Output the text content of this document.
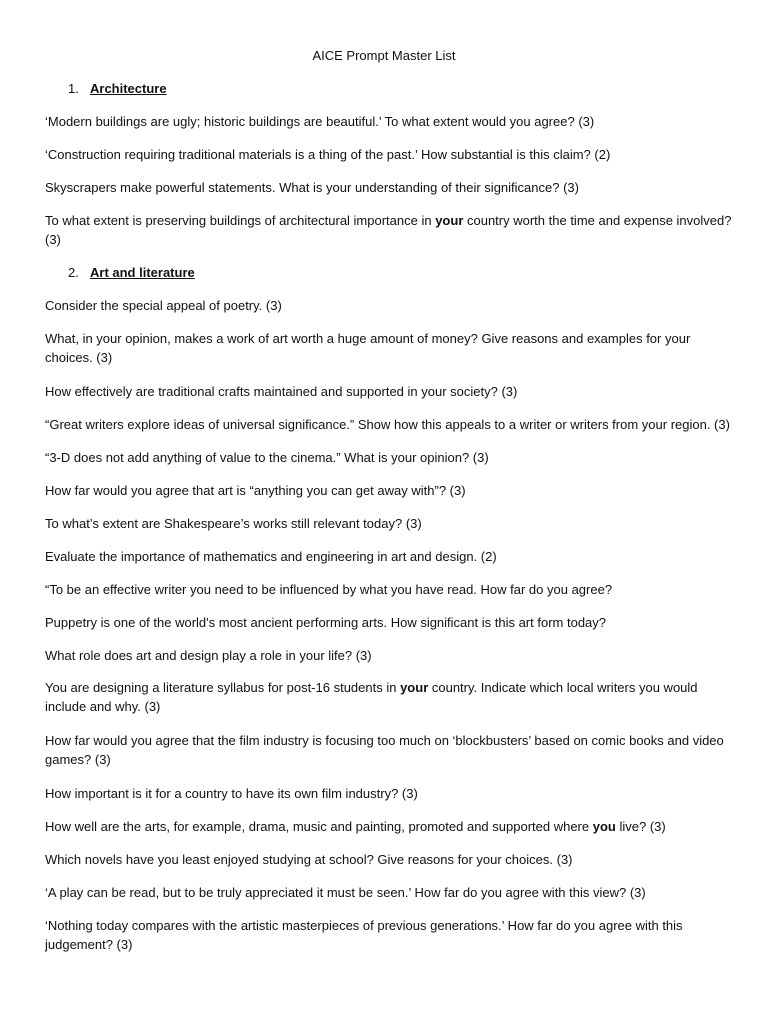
AICE Prompt Master List
1. Architecture
‘Modern buildings are ugly; historic buildings are beautiful.’ To what extent would you agree? (3)
‘Construction requiring traditional materials is a thing of the past.’ How substantial is this claim? (2)
Skyscrapers make powerful statements. What is your understanding of their significance? (3)
To what extent is preserving buildings of architectural importance in your country worth the time and expense involved?
(3)
2. Art and literature
Consider the special appeal of poetry. (3)
What, in your opinion, makes a work of art worth a huge amount of money? Give reasons and examples for your
choices. (3)
How effectively are traditional crafts maintained and supported in your society? (3)
“Great writers explore ideas of universal significance.” Show how this appeals to a writer or writers from your region. (3)
“3-D does not add anything of value to the cinema.” What is your opinion? (3)
How far would you agree that art is “anything you can get away with”? (3)
To what’s extent are Shakespeare’s works still relevant today? (3)
Evaluate the importance of mathematics and engineering in art and design. (2)
“To be an effective writer you need to be influenced by what you have read. How far do you agree?
Puppetry is one of the world's most ancient performing arts. How significant is this art form today?
What role does art and design play a role in your life? (3)
You are designing a literature syllabus for post-16 students in your country. Indicate which local writers you would
include and why. (3)
How far would you agree that the film industry is focusing too much on ‘blockbusters’ based on comic books and video
games? (3)
How important is it for a country to have its own film industry? (3)
How well are the arts, for example, drama, music and painting, promoted and supported where you live? (3)
Which novels have you least enjoyed studying at school? Give reasons for your choices. (3)
‘A play can be read, but to be truly appreciated it must be seen.’ How far do you agree with this view? (3)
‘Nothing today compares with the artistic masterpieces of previous generations.’ How far do you agree with this
judgement? (3)
